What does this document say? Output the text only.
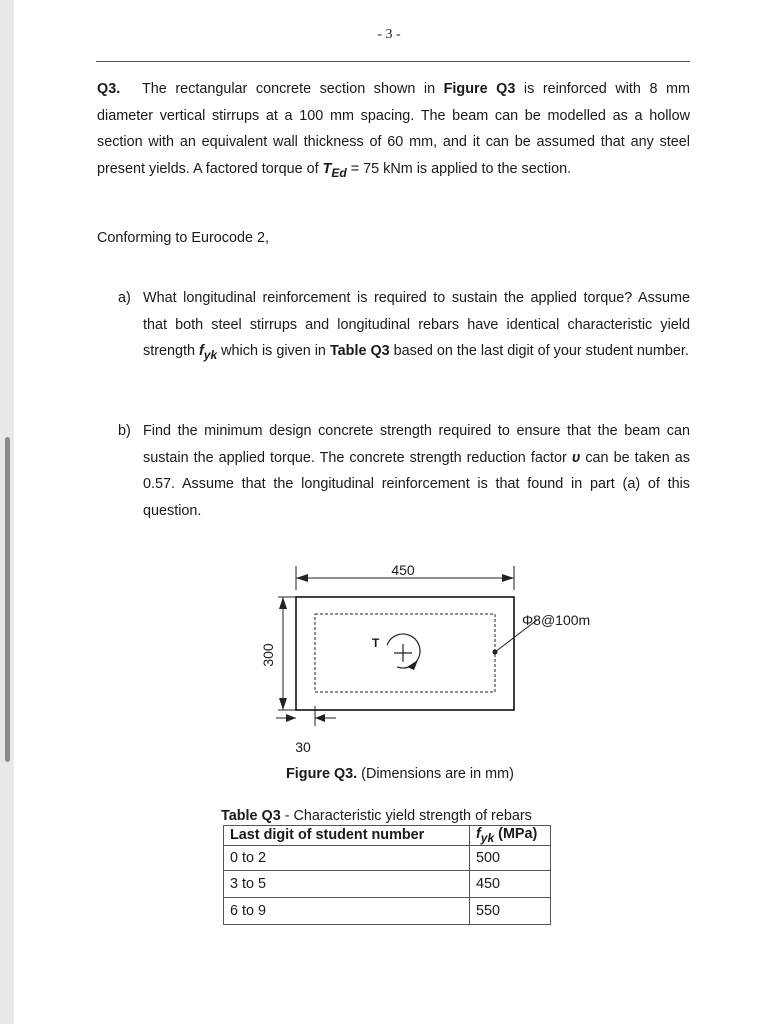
- 3 -

Q3. The rectangular concrete section shown in Figure Q3 is reinforced with 8 mm diameter vertical stirrups at a 100 mm spacing. The beam can be modelled as a hollow section with an equivalent wall thickness of 60 mm, and it can be assumed that any steel present yields. A factored torque of $T_{Ed} = 75$ kNm is applied to the section.

Conforming to Eurocode 2,

a) What longitudinal reinforcement is required to sustain the applied torque? Assume that both steel stirrups and longitudinal rebars have identical characteristic yield strength $f_{yk}$ which is given in Table Q3 based on the last digit of your student number.
b) Find the minimum design concrete strength required to ensure that the beam can sustain the applied torque. The concrete strength reduction factor υ can be taken as 0.57. Assume that the longitudinal reinforcement is that found in part (a) of this question.
450
300
T
Φ8@100m
30
Figure Q3. (Dimensions are in mm)
Table Q3 - Characteristic yield strength of rebars
Last digit of student number	$f_{yk}$ (MPa)
0 to 2	500
3 to 5	450
6 to 9	550
